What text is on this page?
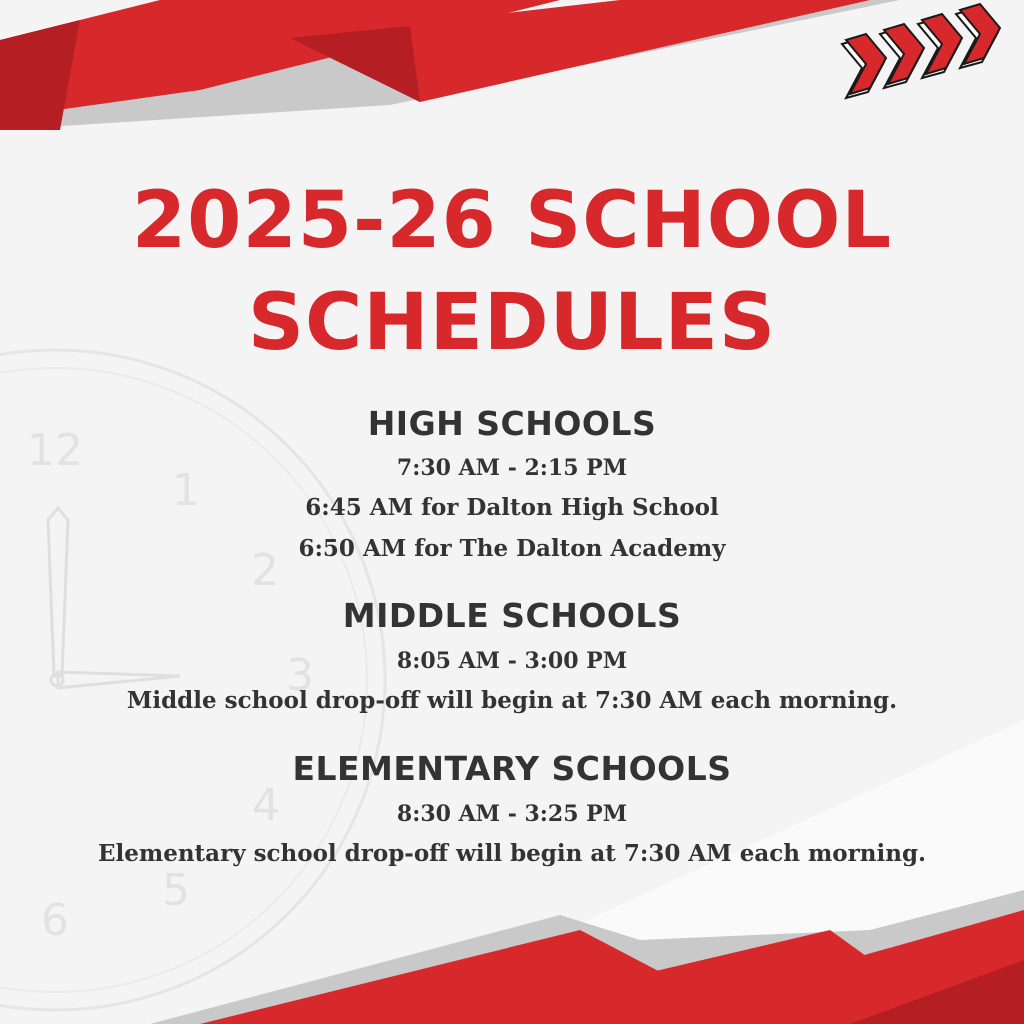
12
1
2
3
4
5
6
2025-26 SCHOOL
SCHEDULES
HIGH SCHOOLS
7:30 AM - 2:15 PM
6:45 AM for Dalton High School
6:50 AM for The Dalton Academy
MIDDLE SCHOOLS
8:05 AM - 3:00 PM
Middle school drop-off will begin at 7:30 AM each morning.
ELEMENTARY SCHOOLS
8:30 AM - 3:25 PM
Elementary school drop-off will begin at 7:30 AM each morning.
